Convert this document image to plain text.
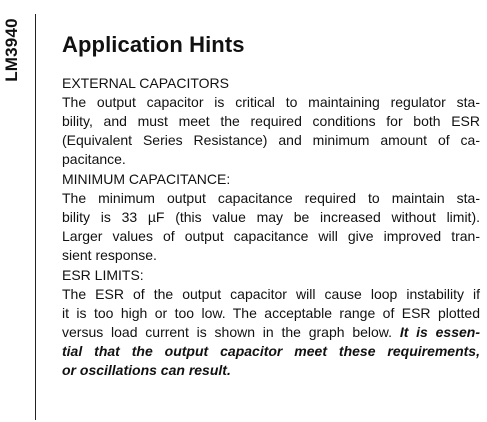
LM3940 Application Hints
EXTERNAL CAPACITORS
The output capacitor is critical to maintaining regulator sta-
bility, and must meet the required conditions for both ESR
(Equivalent Series Resistance) and minimum amount of ca-
pacitance.
MINIMUM CAPACITANCE:
The minimum output capacitance required to maintain sta-
bility is 33 µF (this value may be increased without limit).
Larger values of output capacitance will give improved tran-
sient response.
ESR LIMITS:
The ESR of the output capacitor will cause loop instability if
it is too high or too low. The acceptable range of ESR plotted
versus load current is shown in the graph below. It is essen-
tial that the output capacitor meet these requirements,
or oscillations can result.
